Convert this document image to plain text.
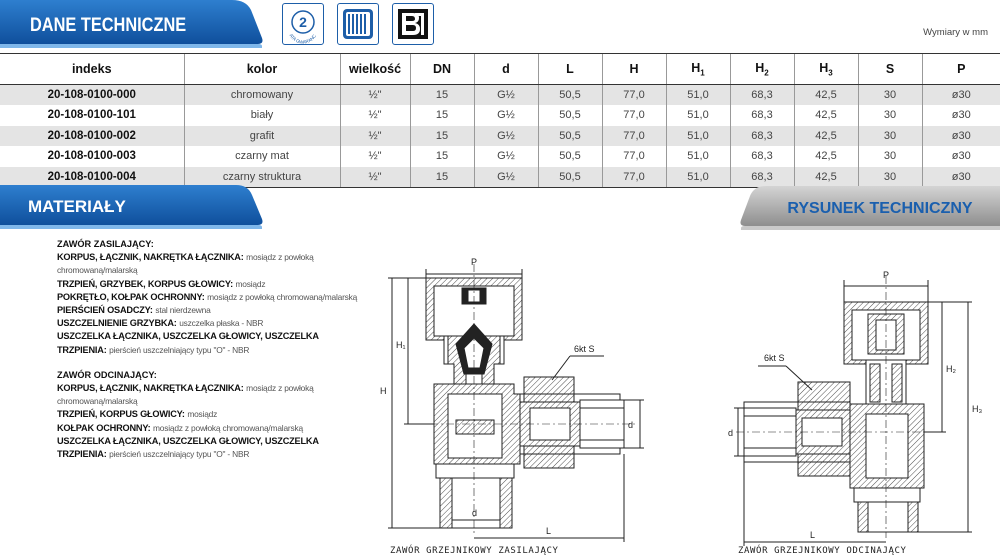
DANE TECHNICZNE	2
ATA GWARANC	Wymiary w mm
indeks	kolor	wielkość	DN	d	L	H	$H_1$	$H_2$	$H_3$	S	P
20-108-0100-000	chromowany	½"	15	G½	50,5	77,0	51,0	68,3	42,5	30	ø30
20-108-0100-101	biały	½"	15	G½	50,5	77,0	51,0	68,3	42,5	30	ø30
20-108-0100-002	grafit	½"	15	G½	50,5	77,0	51,0	68,3	42,5	30	ø30
20-108-0100-003	czarny mat	½"	15	G½	50,5	77,0	51,0	68,3	42,5	30	ø30
20-108-0100-004	czarny struktura	½"	15	G½	50,5	77,0	51,0	68,3	42,5	30	ø30
MATERIAŁY	RYSUNEK TECHNICZNY
ZAWÓR ZASILAJĄCY:
KORPUS, ŁĄCZNIK, NAKRĘTKA ŁĄCZNIKA: mosiądz z powłoką chromowaną/malarską
TRZPIEŃ, GRZYBEK, KORPUS GŁOWICY: mosiądz
POKRĘTŁO, KOŁPAK OCHRONNY: mosiądz z powłoką chromowaną/malarską
PIERŚCIEŃ OSADCZY: stal nierdzewna
USZCZELNIENIE GRZYBKA: uszczelka płaska - NBR
USZCZELKA ŁĄCZNIKA, USZCZELKA GŁOWICY, USZCZELKA TRZPIENIA: pierścień uszczelniający typu "O" - NBR
ZAWÓR ODCINAJĄCY:
KORPUS, ŁĄCZNIK, NAKRĘTKA ŁĄCZNIKA: mosiądz z powłoką chromowaną/malarską
TRZPIEŃ, KORPUS GŁOWICY: mosiądz
KOŁPAK OCHRONNY: mosiądz z powłoką chromowaną/malarską
USZCZELKA ŁĄCZNIKA, USZCZELKA GŁOWICY, USZCZELKA TRZPIENIA: pierścień uszczelniający typu "O" - NBR
P
H
H₁
d
d
L
6kt S
ZAWÓR GRZEJNIKOWY ZASILAJĄCY
P
H₂
H₃
d
L
6kt S
ZAWÓR GRZEJNIKOWY ODCINAJĄCY
